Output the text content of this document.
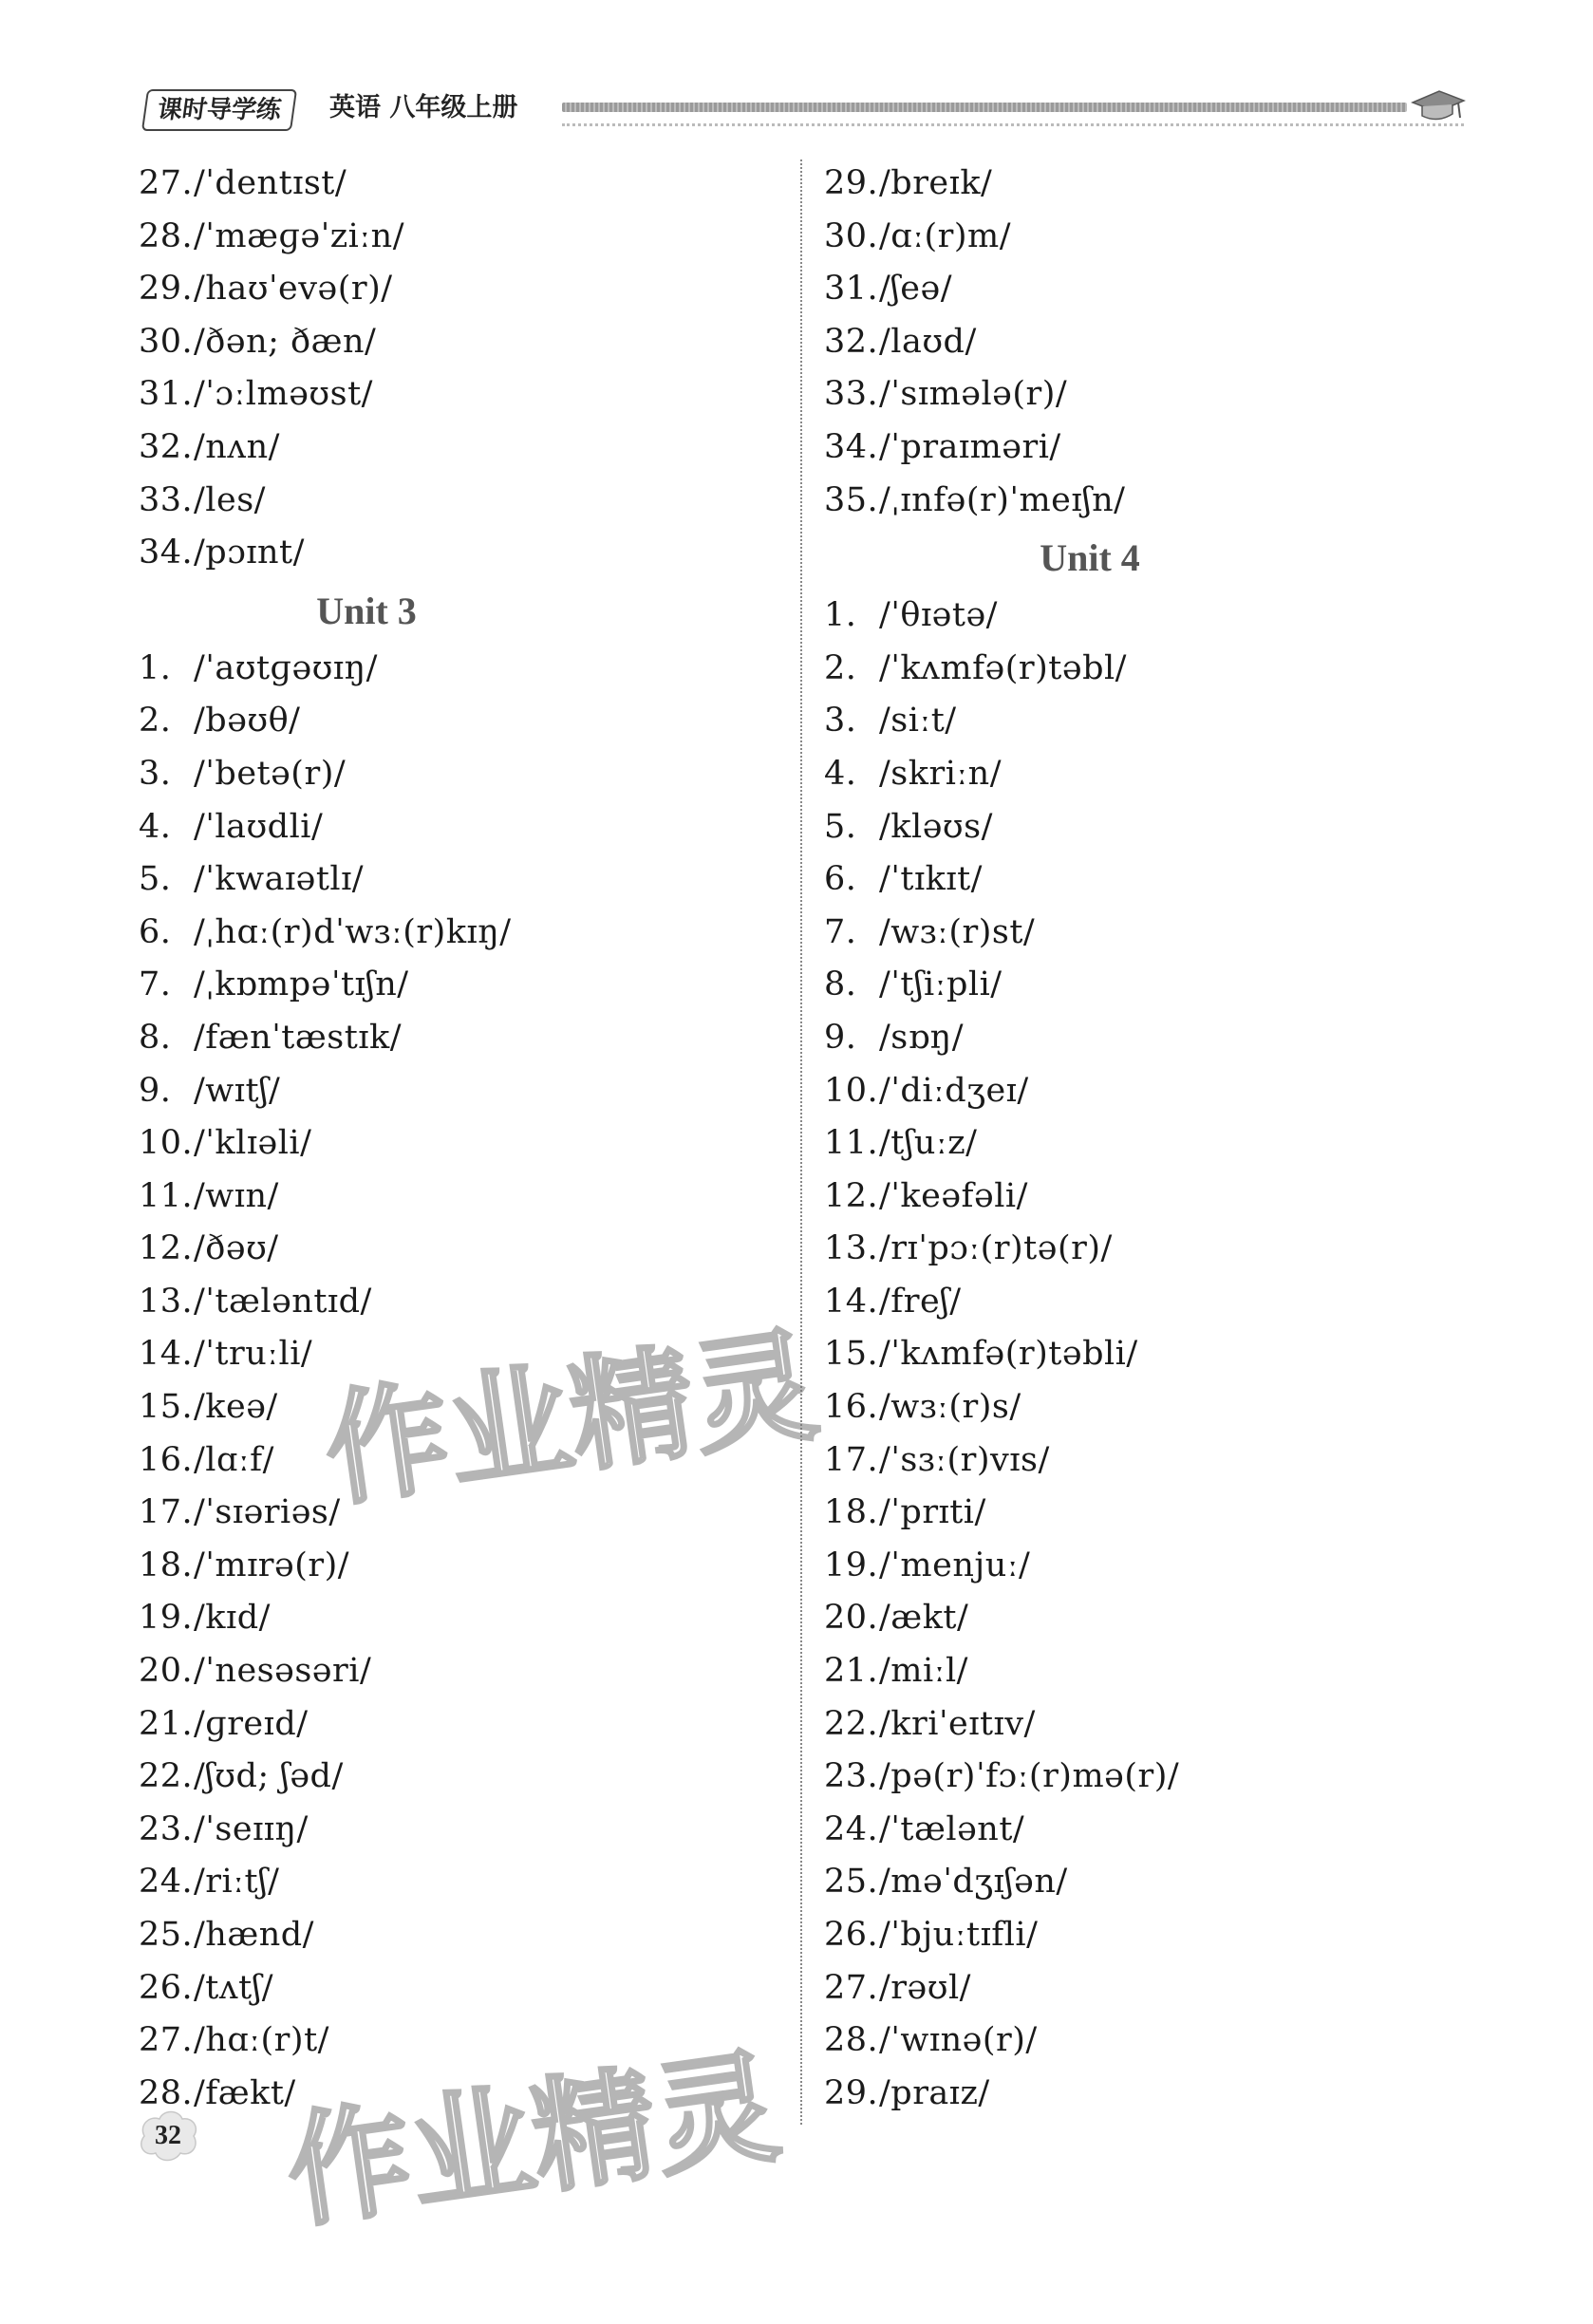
课时导学练	英语 八年级上册
27./ˈdentɪst/
28./ˈmæɡəˈziːn/
29./haʊˈevə(r)/
30./ðən; ðæn/
31./ˈɔːlməʊst/
32./nʌn/
33./les/
34./pɔɪnt/
Unit 3
1. /ˈaʊtɡəʊɪŋ/
2. /bəʊθ/
3. /ˈbetə(r)/
4. /ˈlaʊdli/
5. /ˈkwaɪətlɪ/
6. /ˌhɑː(r)dˈwɜː(r)kɪŋ/
7. /ˌkɒmpəˈtɪʃn/
8. /fænˈtæstɪk/
9. /wɪtʃ/
10./ˈklɪəli/
11./wɪn/
12./ðəʊ/
13./ˈtæləntɪd/
14./ˈtruːli/
15./keə/
16./lɑːf/
17./ˈsɪəriəs/
18./ˈmɪrə(r)/
19./kɪd/
20./ˈnesəsəri/
21./ɡreɪd/
22./ʃʊd; ʃəd/
23./ˈseɪɪŋ/
24./riːtʃ/
25./hænd/
26./tʌtʃ/
27./hɑː(r)t/
28./fækt/
29./breɪk/
30./ɑː(r)m/
31./ʃeə/
32./laʊd/
33./ˈsɪmələ(r)/
34./ˈpraɪməri/
35./ˌɪnfə(r)ˈmeɪʃn/
Unit 4
1. /ˈθɪətə/
2. /ˈkʌmfə(r)təbl/
3. /siːt/
4. /skriːn/
5. /kləʊs/
6. /ˈtɪkɪt/
7. /wɜː(r)st/
8. /ˈtʃiːpli/
9. /sɒŋ/
10./ˈdiːdʒeɪ/
11./tʃuːz/
12./ˈkeəfəli/
13./rɪˈpɔː(r)tə(r)/
14./freʃ/
15./ˈkʌmfə(r)təbli/
16./wɜː(r)s/
17./ˈsɜː(r)vɪs/
18./ˈprɪti/
19./ˈmenjuː/
20./ækt/
21./miːl/
22./kriˈeɪtɪv/
23./pə(r)ˈfɔː(r)mə(r)/
24./ˈtælənt/
25./məˈdʒɪʃən/
26./ˈbjuːtɪfli/
27./rəʊl/
28./ˈwɪnə(r)/
29./praɪz/
作业精灵
作业精灵
32
